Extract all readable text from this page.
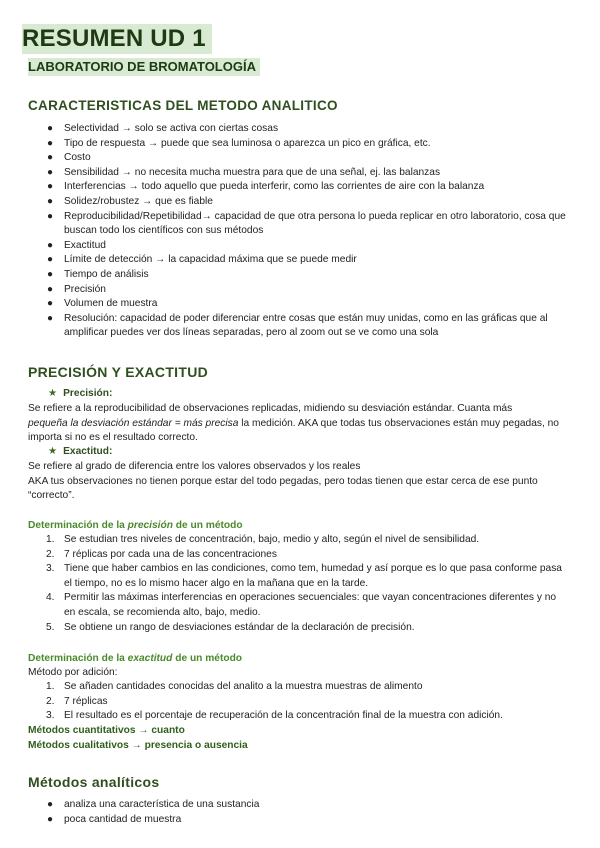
RESUMEN UD 1
LABORATORIO DE BROMATOLOGÍA
CARACTERISTICAS DEL METODO ANALITICO
● Selectividad → solo se activa con ciertas cosas
● Tipo de respuesta → puede que sea luminosa o aparezca un pico en gráfica, etc.
● Costo
● Sensibilidad → no necesita mucha muestra para que de una señal, ej. las balanzas
● Interferencias → todo aquello que pueda interferir, como las corrientes de aire con la balanza
● Solidez/robustez → que es fiable
● Reproducibilidad/Repetibilidad→ capacidad de que otra persona lo pueda replicar en otro laboratorio, cosa que buscan todo los científicos con sus métodos
● Exactitud
● Límite de detección → la capacidad máxima que se puede medir
● Tiempo de análisis
● Precisión
● Volumen de muestra
● Resolución: capacidad de poder diferenciar entre cosas que están muy unidas, como en las gráficas que al amplificar puedes ver dos líneas separadas, pero al zoom out se ve como una sola
PRECISIÓN Y EXACTITUD
★ Precisión:
Se refiere a la reproducibilidad de observaciones replicadas, midiendo su desviación estándar. Cuanta más
pequeña la desviación estándar = más precisa la medición. AKA que todas tus observaciones están muy pegadas, no importa si no es el resultado correcto.
★ Exactitud:
Se refiere al grado de diferencia entre los valores observados y los reales
AKA tus observaciones no tienen porque estar del todo pegadas, pero todas tienen que estar cerca de ese punto “correcto”.
Determinación de la precisión de un método
1. Se estudian tres niveles de concentración, bajo, medio y alto, según el nivel de sensibilidad.
2. 7 réplicas por cada una de las concentraciones
3. Tiene que haber cambios en las condiciones, como tem, humedad y así porque es lo que pasa conforme pasa el tiempo, no es lo mismo hacer algo en la mañana que en la tarde.
4. Permitir las máximas interferencias en operaciones secuenciales: que vayan concentraciones diferentes y no en escala, se recomienda alto, bajo, medio.
5. Se obtiene un rango de desviaciones estándar de la declaración de precisión.
Determinación de la exactitud de un método
Método por adición:
1. Se añaden cantidades conocidas del analito a la muestra muestras de alimento
2. 7 réplicas
3. El resultado es el porcentaje de recuperación de la concentración final de la muestra con adición.
Métodos cuantitativos → cuanto
Métodos cualitativos → presencia o ausencia
Métodos analíticos
● analiza una característica de una sustancia
● poca cantidad de muestra
